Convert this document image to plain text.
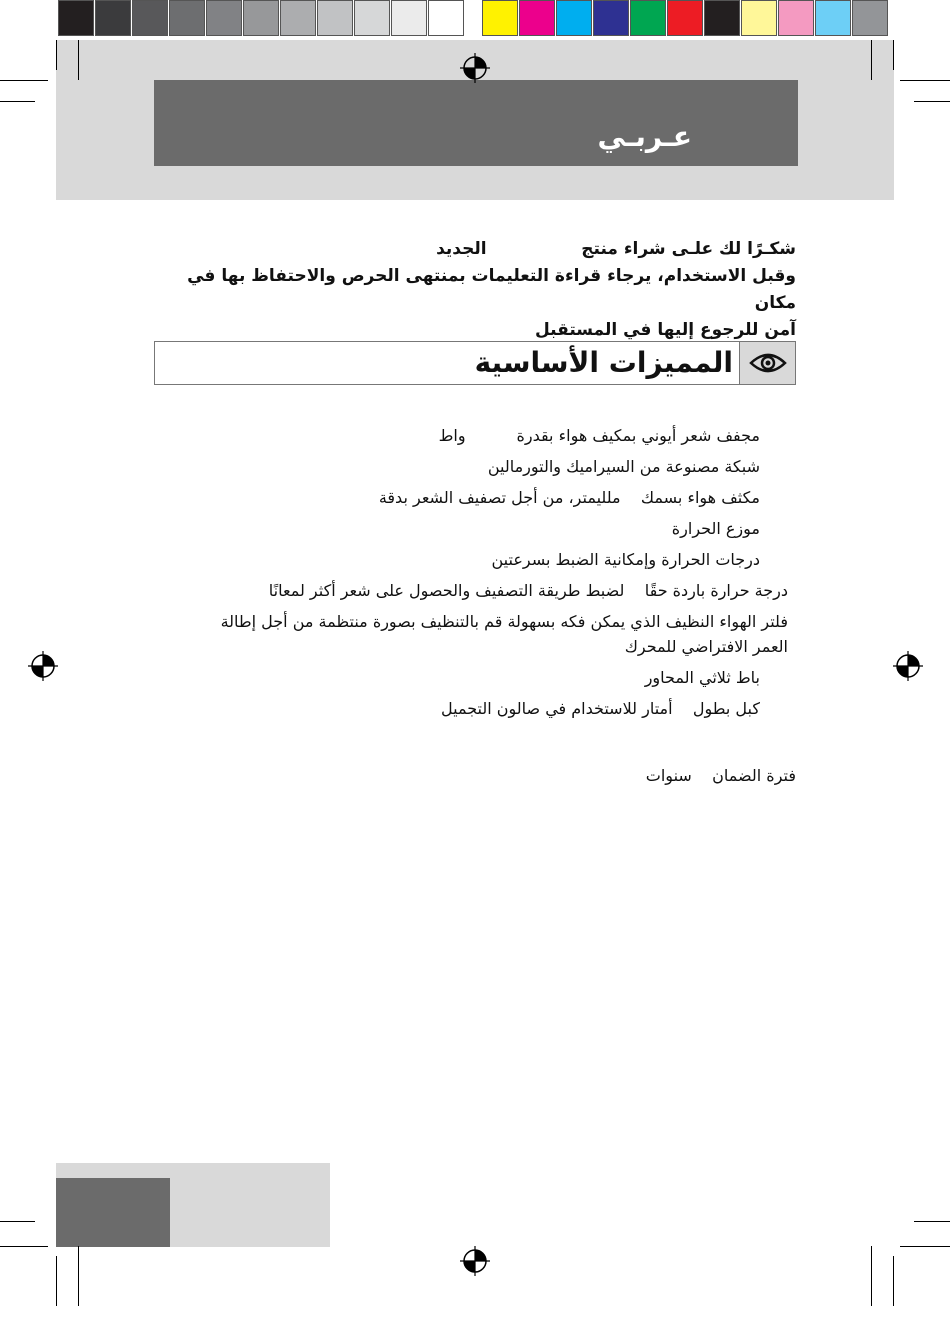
عـربـي
شكـرًا لك علـى شراء منتج                الجديد
وقبل الاستخدام، يرجاء قراءة التعليمات بمنتهى الحرص والاحتفاظ بها في مكان
آمن للرجوع إليها في المستقبل
المميزات الأساسية
مجفف شعر أيوني بمكيف هواء بقدرة          واط
شبكة مصنوعة من السيراميك والتورمالين
مكثف هواء بسمك    ملليمتر، من أجل تصفيف الشعر بدقة
موزع الحرارة
درجات الحرارة وإمكانية الضبط بسرعتين
درجة حرارة باردة حقًا    لضبط طريقة التصفيف والحصول على شعر أكثر لمعانًا
فلتر الهواء النظيف الذي يمكن فكه بسهولة قم بالتنظيف بصورة منتظمة من أجل إطالة العمر الافتراضي للمحرك
باط ثلاثي المحاور
كبل بطول    أمتار للاستخدام في صالون التجميل
فترة الضمان    سنوات
